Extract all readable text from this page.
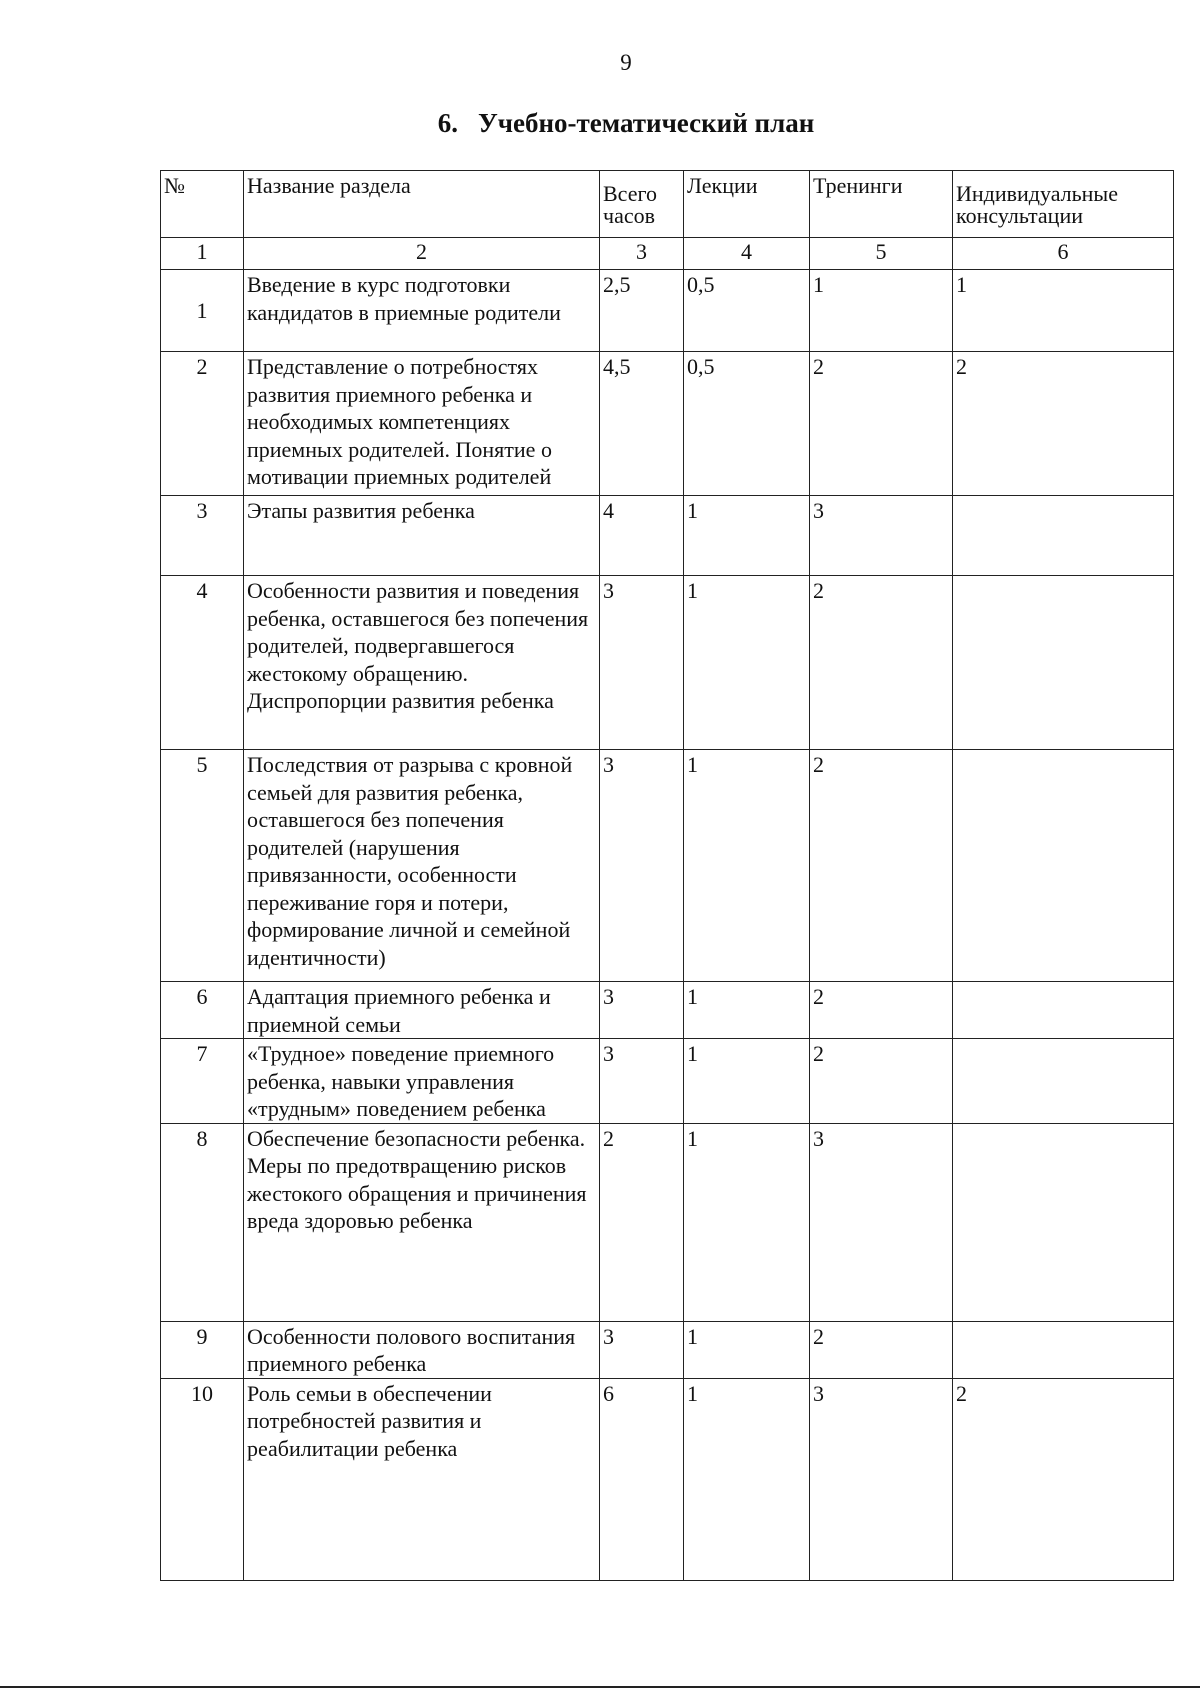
9
6. Учебно-тематический план
№	Название раздела	Всего часов	Лекции	Тренинги	Индивидуальные консультации
1	2	3	4	5	6
1	Введение в курс подготовки кандидатов в приемные родители	2,5	0,5	1	1
2	Представление о потребностях развития приемного ребенка и необходимых компетенциях приемных родителей. Понятие о мотивации приемных родителей	4,5	0,5	2	2
3	Этапы развития ребенка	4	1	3	
4	Особенности развития и поведения ребенка, оставшегося без попечения родителей, подвергавшегося жестокому обращению. Диспропорции развития ребенка	3	1	2	
5	Последствия от разрыва с кровной семьей для развития ребенка, оставшегося без попечения родителей (нарушения привязанности, особенности переживание горя и потери, формирование личной и семейной идентичности)	3	1	2	
6	Адаптация приемного ребенка и приемной семьи	3	1	2	
7	«Трудное» поведение приемного ребенка, навыки управления «трудным» поведением ребенка	3	1	2	
8	Обеспечение безопасности ребенка. Меры по предотвращению рисков жестокого обращения и причинения вреда здоровью ребенка	2	1	3	
9	Особенности полового воспитания приемного ребенка	3	1	2	
10	Роль семьи в обеспечении потребностей развития и реабилитации ребенка	6	1	3	2
